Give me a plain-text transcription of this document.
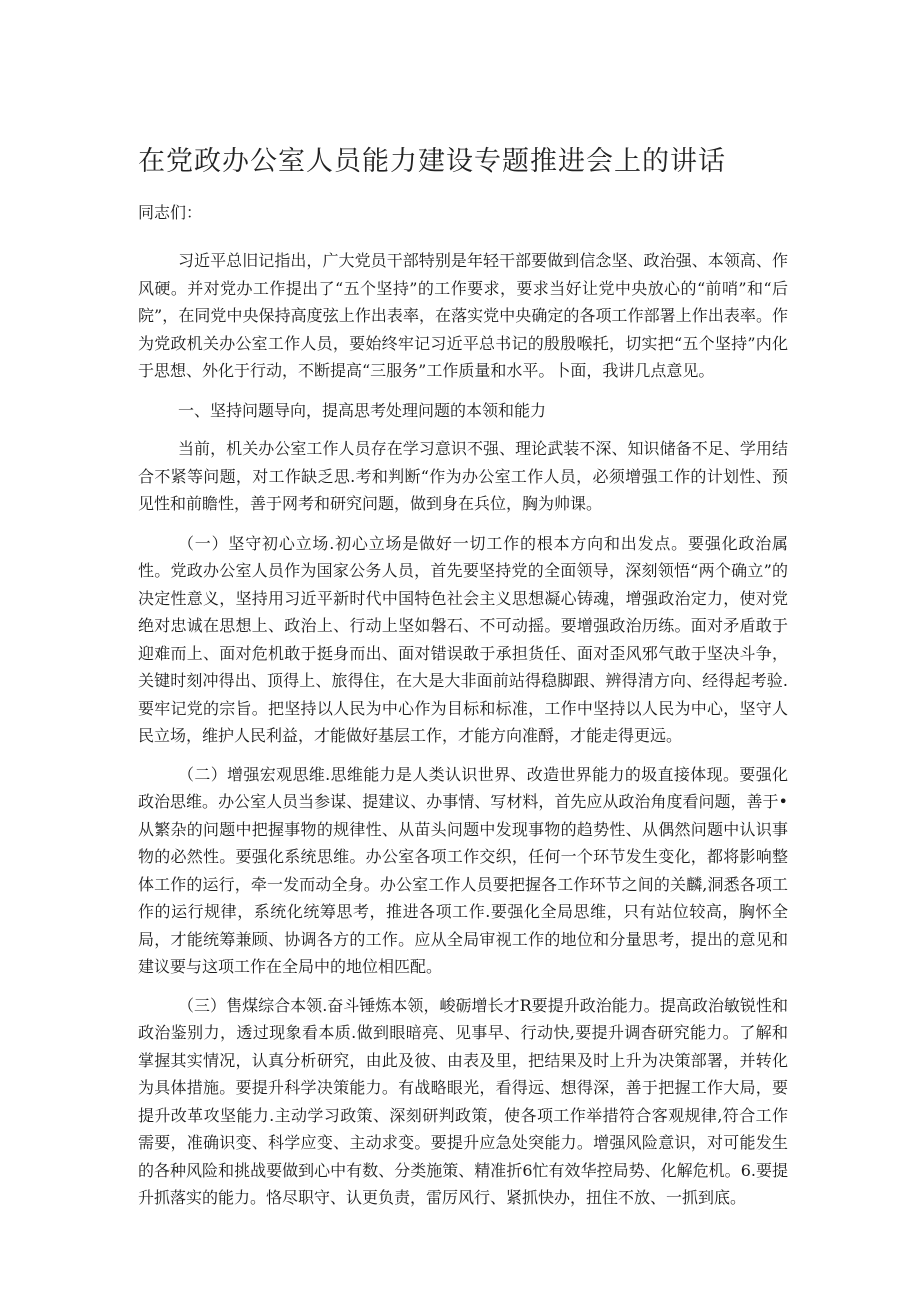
在党政办公室人员能力建设专题推进会上的讲话

同志们：

习近平总旧记指出，广大党员干部特别是年轻干部要做到信念坚、政治强、本领高、作风硬。并对党办工作提出了“五个坚持”的工作要求，要求当好让党中央放心的“前哨”和“后院”，在同党中央保持高度弦上作出表率，在落实党中央确定的各项工作部署上作出表率。作为党政机关办公室工作人员，要始终牢记习近平总书记的殷殷喉托，切实把“五个坚持”内化于思想、外化于行动，不断提高“三服务”工作质量和水平。卜面，我讲几点意见。

一、坚持问题导向，提高思考处理问题的本领和能力

当前，机关办公室工作人员存在学习意识不强、理论武装不深、知识储备不足、学用结合不紧等问题，对工作缺乏思.考和判断“作为办公室工作人员，必须增强工作的计划性、预见性和前瞻性，善于网考和研究问题，做到身在兵位，胸为帅课。

（一）坚守初心立场.初心立场是做好一切工作的根本方向和出发点。要强化政治属性。党政办公室人员作为国家公务人员，首先要坚持党的全面领导，深刻领悟“两个确立”的决定性意义，坚持用习近平新时代中国特色社会主义思想凝心铸魂，增强政治定力，使对党绝对忠诚在思想上、政治上、行动上坚如磐石、不可动摇。要增强政治历练。面对矛盾敢于迎难而上、面对危机敢于挺身而出、面对错误敢于承担货任、面对歪风邪气敢于坚决斗争，关键时刻冲得出、顶得上、旅得住，在大是大非面前站得稳脚跟、辨得清方向、经得起考验.要牢记党的宗旨。把坚持以人民为中心作为目标和标准，工作中坚持以人民为中心，坚守人民立场，维护人民利益，才能做好基层工作，才能方向准酹，才能走得更远。

（二）增强宏观思维.思维能力是人类认识世界、改造世界能力的圾直接体现。要强化政治思维。办公室人员当参谋、提建议、办事情、写材料，首先应从政治角度看问题，善于•从繁杂的问题中把握事物的规律性、从苗头问题中发现事物的趋势性、从偶然问题中认识事物的必然性。要强化系统思维。办公室各项工作交织，任何一个环节发生变化，都将影响整体工作的运行，牵一发而动全身。办公室工作人员要把握各工作环节之间的关麟,洞悉各项工作的运行规律，系统化统筹思考，推进各项工作.要强化全局思维，只有站位较高，胸怀全局，才能统筹兼顾、协调各方的工作。应从全局审视工作的地位和分量思考，提出的意见和建议要与这项工作在全局中的地位相匹配。

（三）售煤综合本领.奋斗锤炼本领，峻砺增长才R要提升政治能力。提高政治敏锐性和政治鉴别力，透过现象看本质.做到眼暗亮、见事早、行动快,要提升调杳研究能力。了解和掌握其实情况，认真分析研究，由此及彼、由表及里，把结果及时上升为决策部署，并转化为具体措施。要提升科学决策能力。有战略眼光，看得远、想得深，善于把握工作大局，要提升改革攻坚能力.主动学习政策、深刻研判政策，使各项工作举措符合客观规律,符合工作需要，准确识变、科学应变、主动求变。要提升应急处突能力。增强风险意识，对可能发生的各种风险和挑战要做到心中有数、分类施策、精准折6忙有效华控局势、化解危机。6.要提升抓落实的能力。恪尽职守、认更负责，雷厉风行、紧抓快办，扭住不放、一抓到底。
